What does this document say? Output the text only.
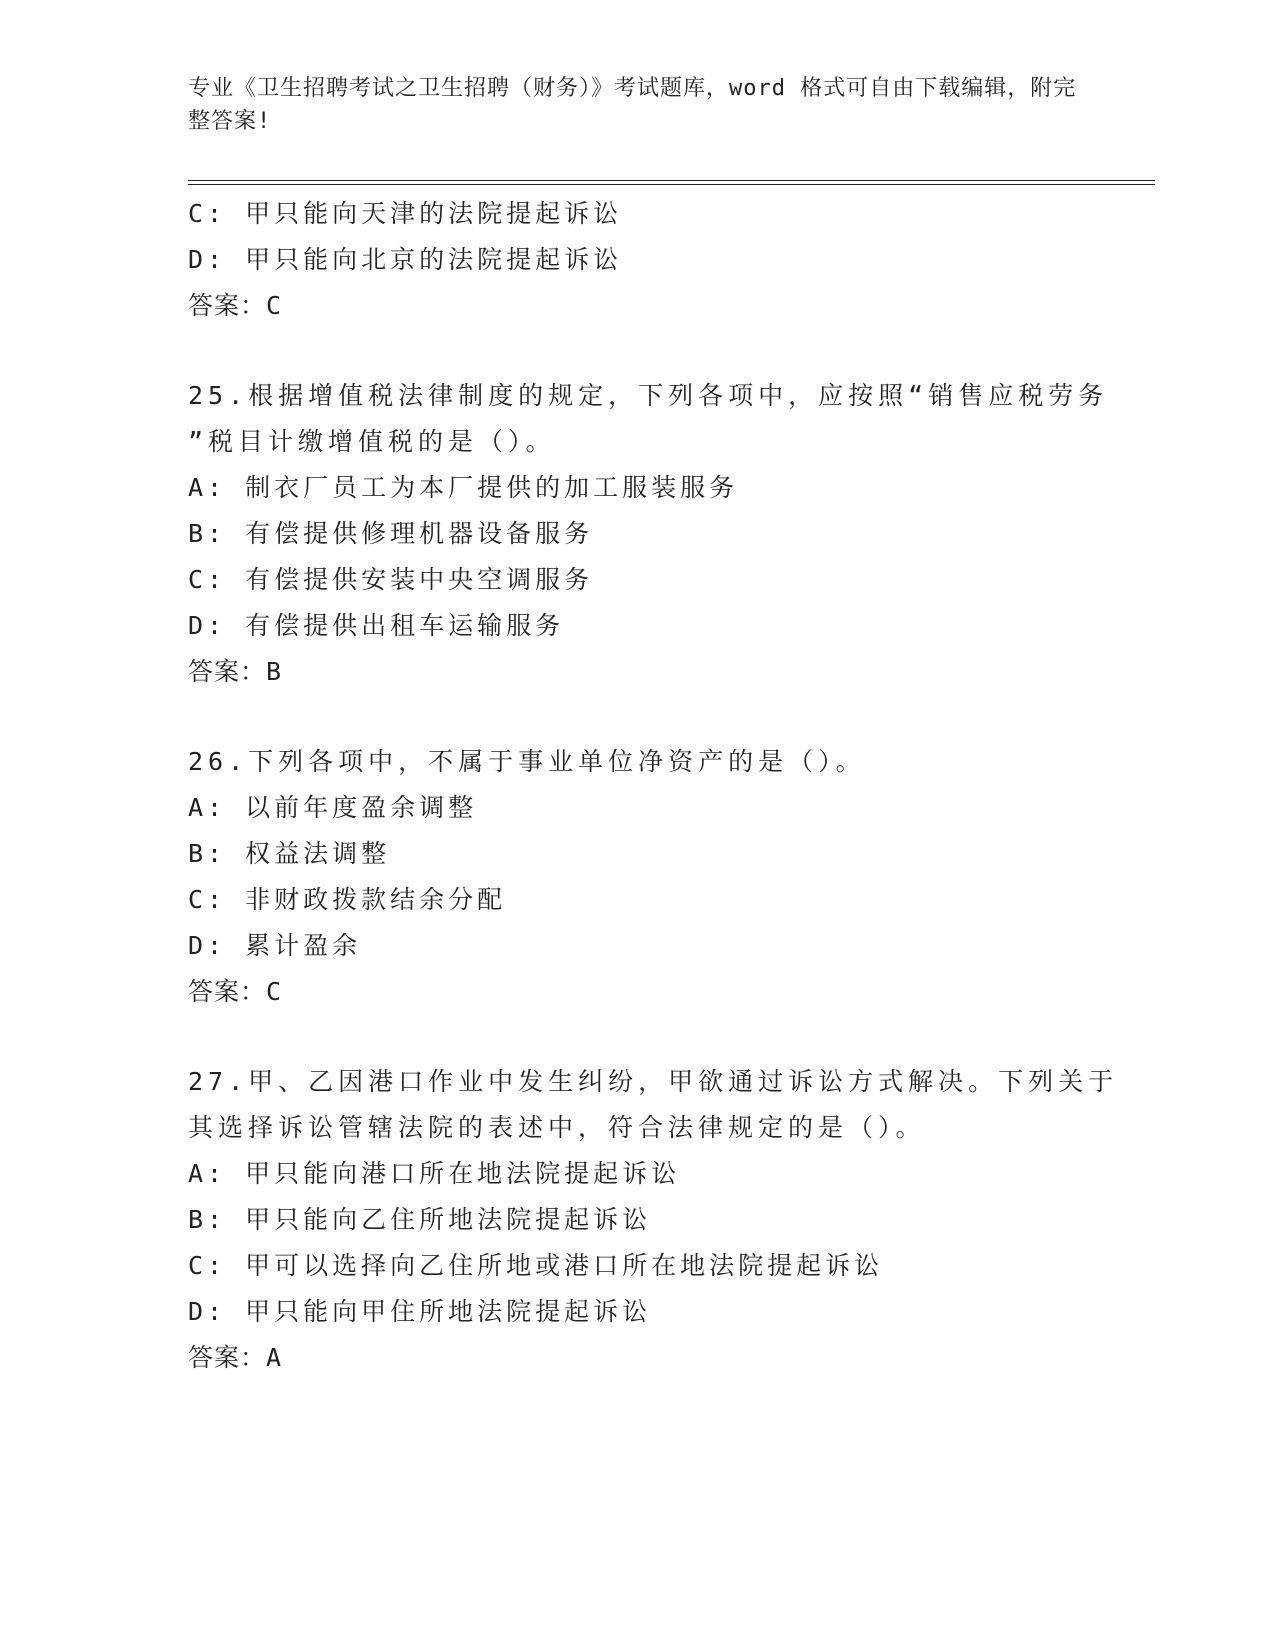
专业《卫生招聘考试之卫生招聘（财务）》考试题库，word 格式可自由下载编辑，附完整答案!
C: 甲只能向天津的法院提起诉讼
D: 甲只能向北京的法院提起诉讼
答案：C
25.根据增值税法律制度的规定，下列各项中，应按照“销售应税劳务
”税目计缴增值税的是（）。
A: 制衣厂员工为本厂提供的加工服装服务
B: 有偿提供修理机器设备服务
C: 有偿提供安装中央空调服务
D: 有偿提供出租车运输服务
答案：B
26.下列各项中，不属于事业单位净资产的是（）。
A: 以前年度盈余调整
B: 权益法调整
C: 非财政拨款结余分配
D: 累计盈余
答案：C
27.甲、乙因港口作业中发生纠纷，甲欲通过诉讼方式解决。下列关于
其选择诉讼管辖法院的表述中，符合法律规定的是（）。
A: 甲只能向港口所在地法院提起诉讼
B: 甲只能向乙住所地法院提起诉讼
C: 甲可以选择向乙住所地或港口所在地法院提起诉讼
D: 甲只能向甲住所地法院提起诉讼
答案：A
